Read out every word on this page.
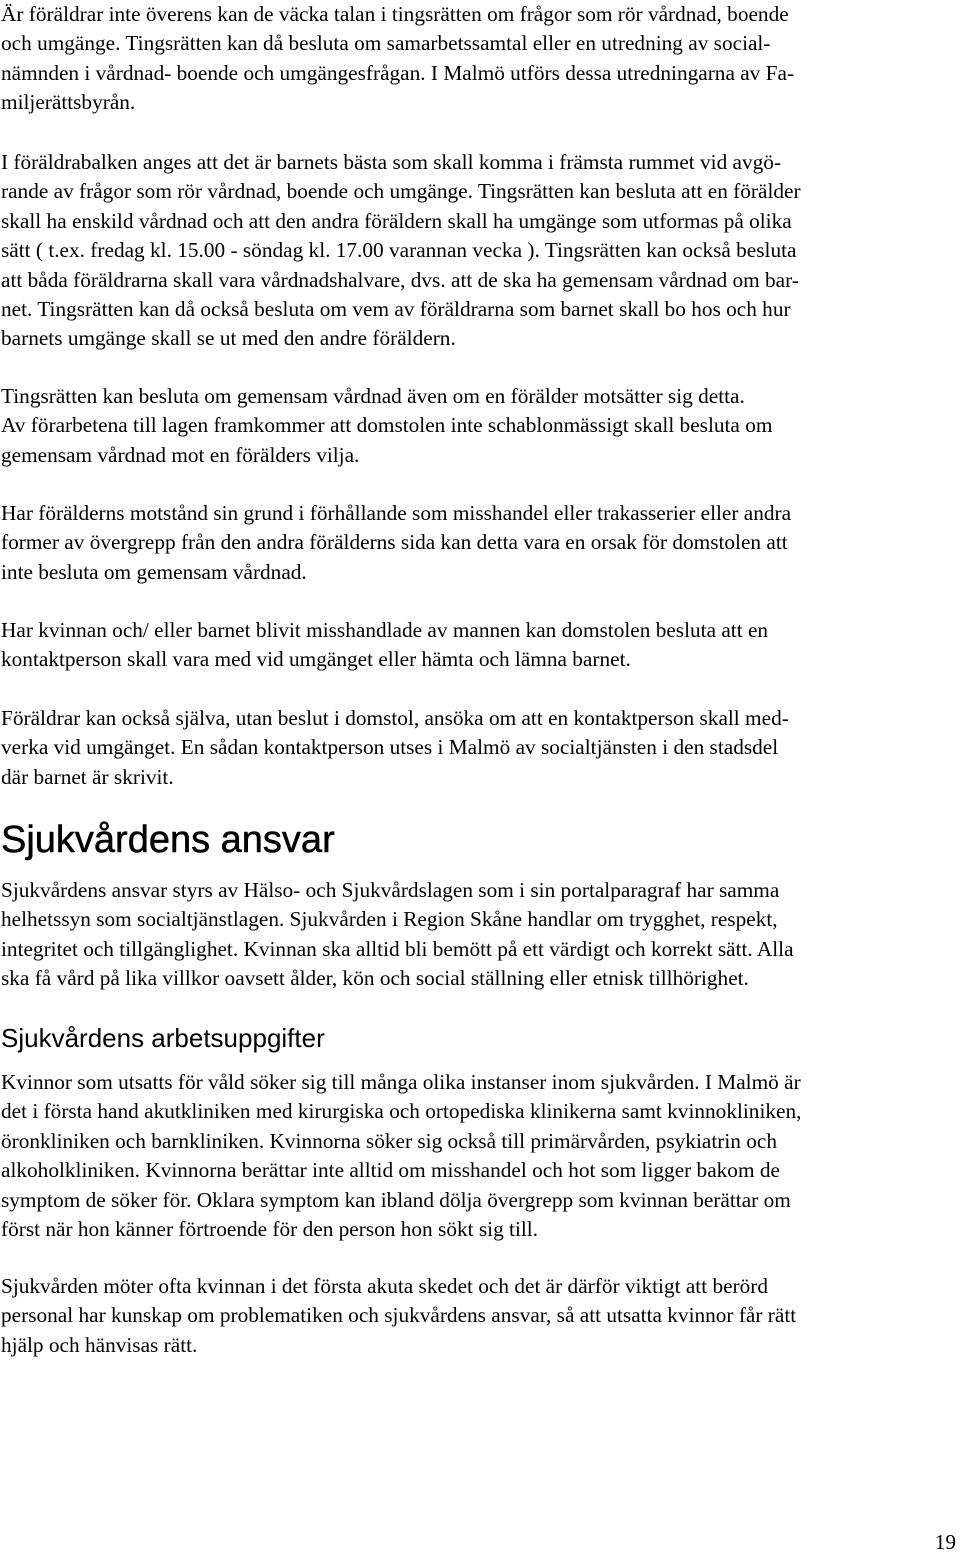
Är föräldrar inte överens kan de väcka talan i tingsrätten om frågor som rör vårdnad, boende
och umgänge. Tingsrätten kan då besluta om samarbetssamtal eller en utredning av social-
nämnden i vårdnad- boende och umgängesfrågan. I Malmö utförs dessa utredningarna av Fa-
miljerättsbyrån.

I föräldrabalken anges att det är barnets bästa som skall komma i främsta rummet vid avgö-
rande av frågor som rör vårdnad, boende och umgänge. Tingsrätten kan besluta att en förälder
skall ha enskild vårdnad och att den andra föräldern skall ha umgänge som utformas på olika
sätt ( t.ex. fredag kl. 15.00 - söndag kl. 17.00 varannan vecka ). Tingsrätten kan också besluta
att båda föräldrarna skall vara vårdnadshalvare, dvs. att de ska ha gemensam vårdnad om bar-
net. Tingsrätten kan då också besluta om vem av föräldrarna som barnet skall bo hos och hur
barnets umgänge skall se ut med den andre föräldern.

Tingsrätten kan besluta om gemensam vårdnad även om en förälder motsätter sig detta.
Av förarbetena till lagen framkommer att domstolen inte schablonmässigt skall besluta om
gemensam vårdnad mot en förälders vilja.

Har förälderns motstånd sin grund i förhållande som misshandel eller trakasserier eller andra
former av övergrepp från den andra förälderns sida kan detta vara en orsak för domstolen att
inte besluta om gemensam vårdnad.

Har kvinnan och/ eller barnet blivit misshandlade av mannen kan domstolen besluta att en
kontaktperson skall vara med vid umgänget eller hämta och lämna barnet.

Föräldrar kan också själva, utan beslut i domstol, ansöka om att en kontaktperson skall med-
verka vid umgänget. En sådan kontaktperson utses i Malmö av socialtjänsten i den stadsdel
där barnet är skrivit.

Sjukvårdens ansvar

Sjukvårdens ansvar styrs av Hälso- och Sjukvårdslagen som i sin portalparagraf har samma
helhetssyn som socialtjänstlagen. Sjukvården i Region Skåne handlar om trygghet, respekt,
integritet och tillgänglighet. Kvinnan ska alltid bli bemött på ett värdigt och korrekt sätt. Alla
ska få vård på lika villkor oavsett ålder, kön och social ställning eller etnisk tillhörighet.

Sjukvårdens arbetsuppgifter

Kvinnor som utsatts för våld söker sig till många olika instanser inom sjukvården. I Malmö är
det i första hand akutkliniken med kirurgiska och ortopediska klinikerna samt kvinnokliniken,
öronkliniken och barnkliniken. Kvinnorna söker sig också till primärvården, psykiatrin och
alkoholkliniken. Kvinnorna berättar inte alltid om misshandel och hot som ligger bakom de
symptom de söker för. Oklara symptom kan ibland dölja övergrepp som kvinnan berättar om
först när hon känner förtroende för den person hon sökt sig till.

Sjukvården möter ofta kvinnan i det första akuta skedet och det är därför viktigt att berörd
personal har kunskap om problematiken och sjukvårdens ansvar, så att utsatta kvinnor får rätt
hjälp och hänvisas rätt.

19
